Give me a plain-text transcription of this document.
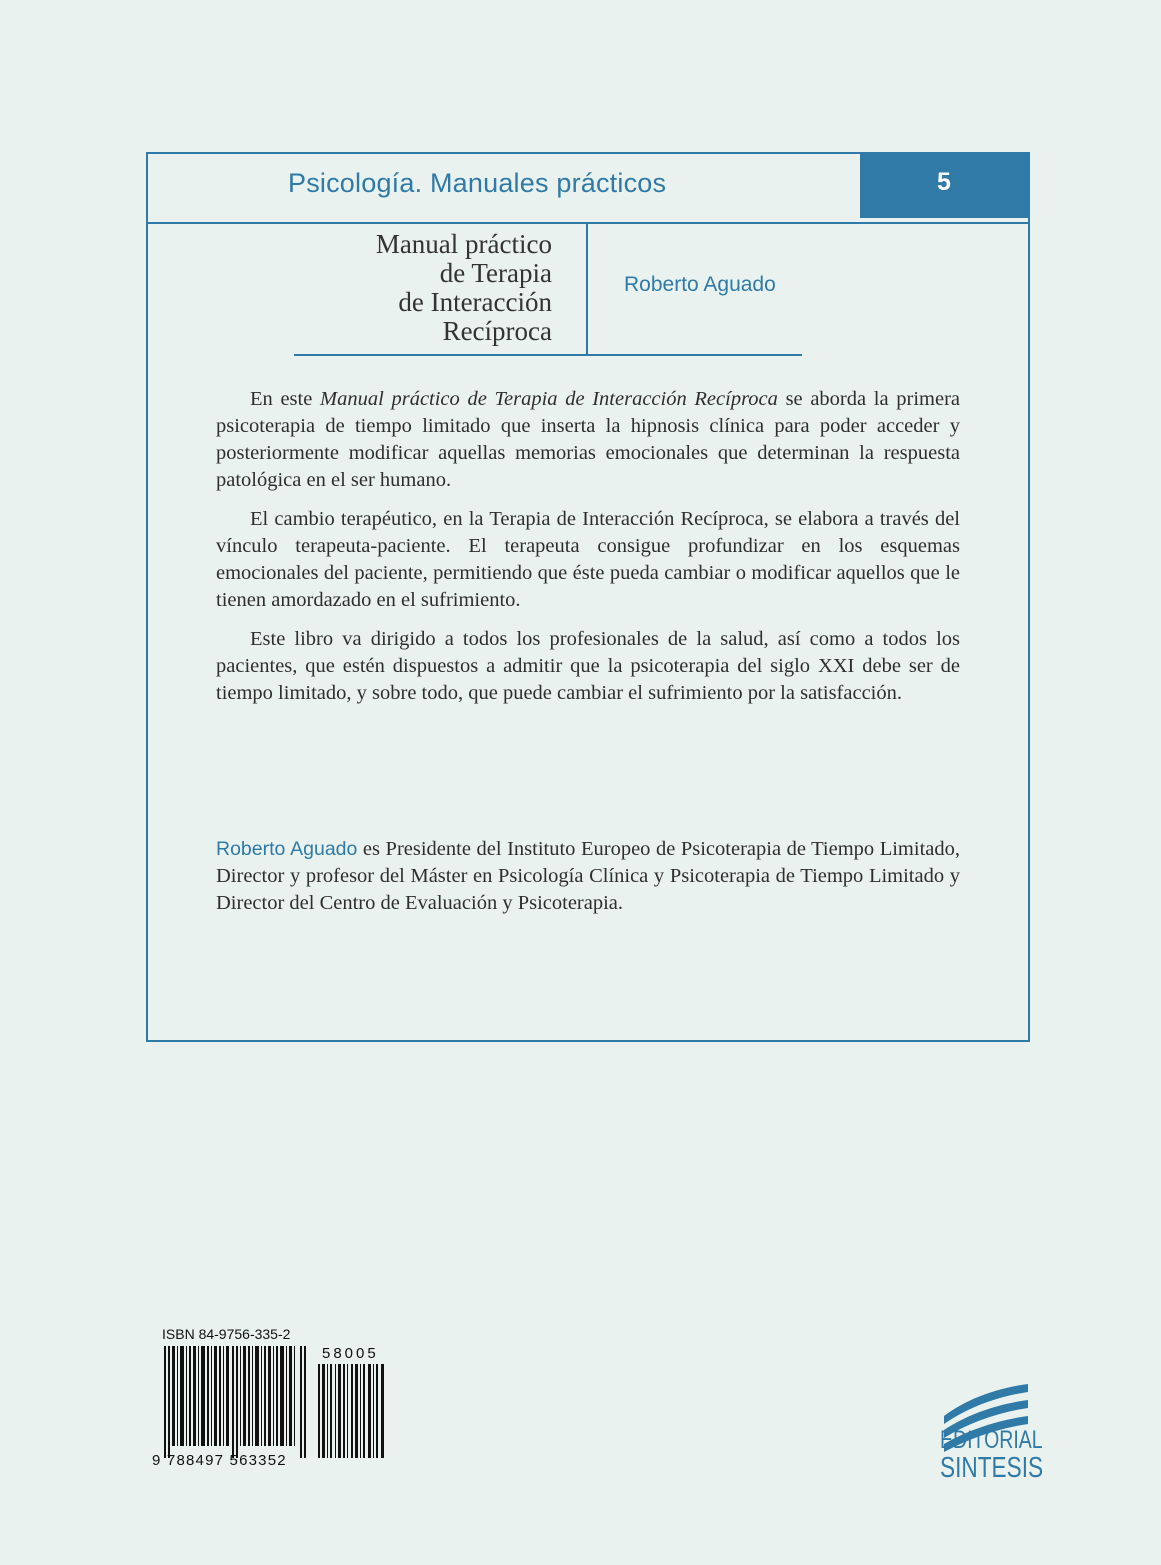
Psicología. Manuales prácticos	5
Manual práctico
de Terapia
de Interacción
Recíproca
Roberto Aguado

En este Manual práctico de Terapia de Interacción Recíproca se aborda la primera psicoterapia de tiempo limitado que inserta la hipnosis clínica para poder acceder y posteriormente modificar aquellas memorias emocionales que determinan la respuesta patológica en el ser humano.

El cambio terapéutico, en la Terapia de Interacción Recíproca, se elabora a través del vínculo terapeuta-paciente. El terapeuta consigue profundizar en los esquemas emocionales del paciente, permitiendo que éste pueda cambiar o modificar aquellos que le tienen amordazado en el sufrimiento.

Este libro va dirigido a todos los profesionales de la salud, así como a todos los pacientes, que estén dispuestos a admitir que la psicoterapia del siglo XXI debe ser de tiempo limitado, y sobre todo, que puede cambiar el sufrimiento por la satisfacción.

Roberto Aguado es Presidente del Instituto Europeo de Psicoterapia de Tiempo Limitado, Director y profesor del Máster en Psicología Clínica y Psicoterapia de Tiempo Limitado y Director del Centro de Evaluación y Psicoterapia.
ISBN 84-9756-335-2
58005
9 788497 563352
EDITORIAL
SINTESIS
